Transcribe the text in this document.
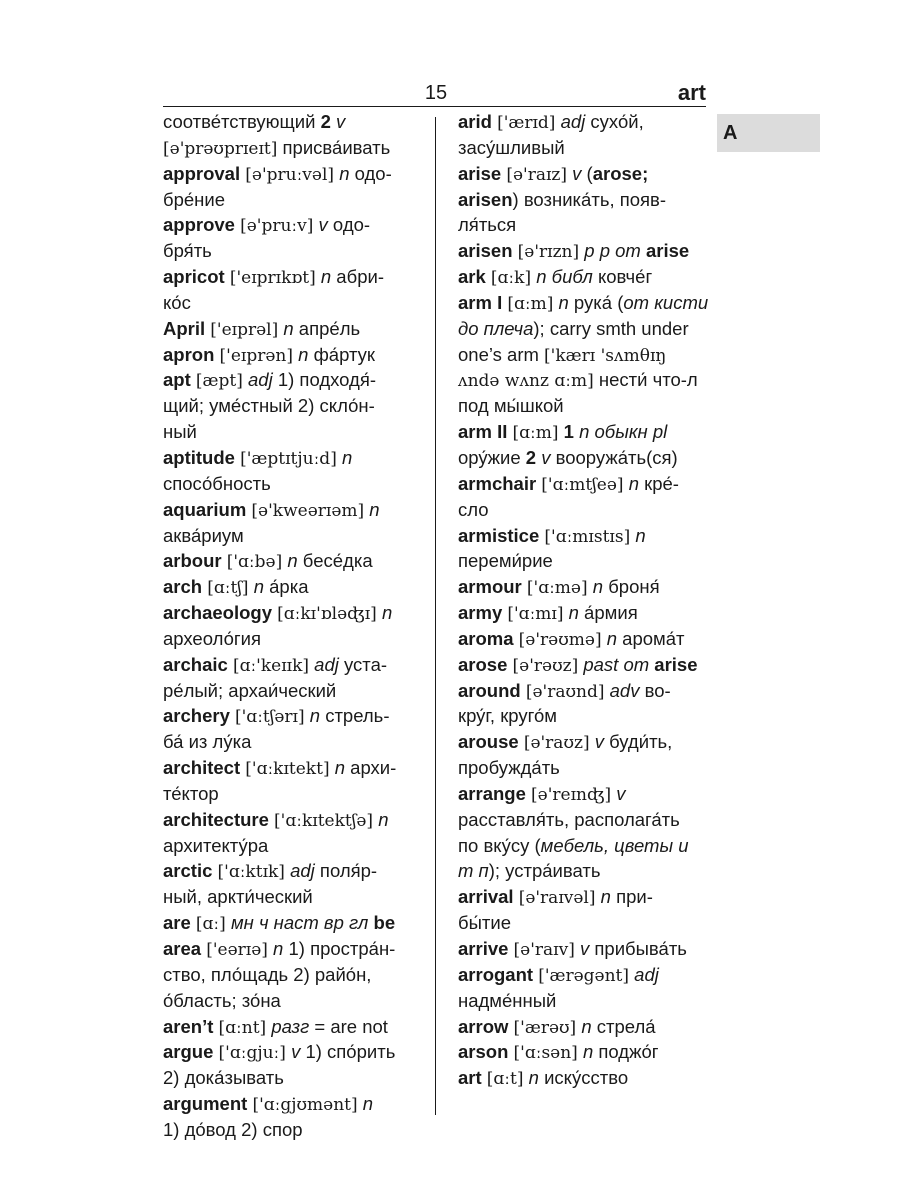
15	art
A
соотве́тствующий 2 v
[ə'prəʊprɪeɪt] присва́ивать
approval [ə'pruːvəl] n одо-
бре́ние
approve [ə'pruːv] v одо-
бря́ть
apricot ['eɪprɪkɒt] n абри-
ко́с
April ['eɪprəl] n апре́ль
apron ['eɪprən] n фа́ртук
apt [æpt] adj 1) подходя́-
щий; уме́стный 2) скло́н-
ный
aptitude ['æptɪtjuːd] n
спосо́бность
aquarium [ə'kweərɪəm] n
аква́риум
arbour ['ɑːbə] n бесе́дка
arch [ɑːtʃ] n а́рка
archaeology [ɑːkɪ'ɒləʤɪ] n
археоло́гия
archaic [ɑː'keɪɪk] adj уста-
ре́лый; архаи́ческий
archery ['ɑːtʃərɪ] n стрель-
ба́ из лу́ка
architect ['ɑːkɪtekt] n архи-
те́ктор
architecture ['ɑːkɪtektʃə] n
архитекту́ра
arctic ['ɑːktɪk] adj поля́р-
ный, аркти́ческий
are [ɑː] мн ч наст вр гл be
area ['eərɪə] n 1) простра́н-
ство, пло́щадь 2) райо́н,
о́бласть; зо́на
aren’t [ɑːnt] разг = are not
argue ['ɑːgjuː] v 1) спо́рить
2) дока́зывать
argument ['ɑːgjʊmənt] n
1) до́вод 2) спор
arid ['ærɪd] adj сухо́й,
засу́шливый
arise [ə'raɪz] v (arose;
arisen) возника́ть, появ-
ля́ться
arisen [ə'rɪzn] p p от arise
ark [ɑːk] n библ ковче́г
arm I [ɑːm] n рука́ (от кисти
до плеча); carry smth under
one’s arm ['kærɪ 'sʌmθɪŋ
ʌndə wʌnz ɑːm] нести́ что-л
под мы́шкой
arm II [ɑːm] 1 n обыкн pl
ору́жие 2 v вооружа́ть(ся)
armchair ['ɑːmtʃeə] n кре́-
сло
armistice ['ɑːmɪstɪs] n
переми́рие
armour ['ɑːmə] n броня́
army ['ɑːmɪ] n а́рмия
aroma [ə'rəʊmə] n арома́т
arose [ə'rəʊz] past от arise
around [ə'raʊnd] adv во-
кру́г, круго́м
arouse [ə'raʊz] v буди́ть,
пробужда́ть
arrange [ə'reɪnʤ] v
расставля́ть, располага́ть
по вку́су (мебель, цветы и
т п); устра́ивать
arrival [ə'raɪvəl] n при-
бы́тие
arrive [ə'raɪv] v прибыва́ть
arrogant ['ærəgənt] adj
надме́нный
arrow ['ærəʊ] n стрела́
arson ['ɑːsən] n поджо́г
art [ɑːt] n иску́сство
